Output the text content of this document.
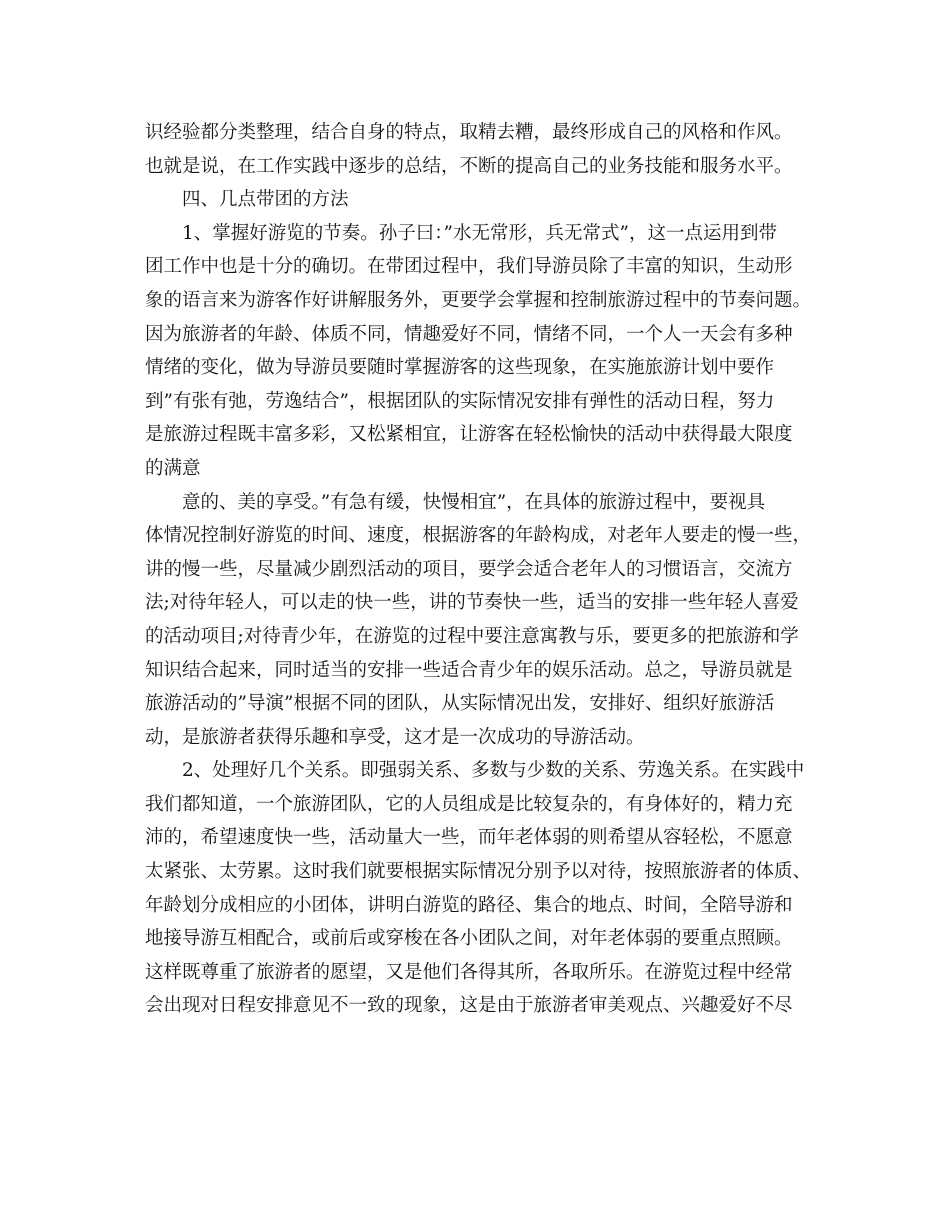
识经验都分类整理，结合自身的特点，取精去糟，最终形成自己的风格和作风。
也就是说，在工作实践中逐步的总结，不断的提高自己的业务技能和服务水平。
四、几点带团的方法
1、掌握好游览的节奏。孙子曰：”水无常形，兵无常式”，这一点运用到带
团工作中也是十分的确切。在带团过程中，我们导游员除了丰富的知识，生动形
象的语言来为游客作好讲解服务外，更要学会掌握和控制旅游过程中的节奏问题。
因为旅游者的年龄、体质不同，情趣爱好不同，情绪不同，一个人一天会有多种
情绪的变化，做为导游员要随时掌握游客的这些现象，在实施旅游计划中要作
到”有张有弛，劳逸结合”，根据团队的实际情况安排有弹性的活动日程，努力
是旅游过程既丰富多彩，又松紧相宜，让游客在轻松愉快的活动中获得最大限度
的满意
意的、美的享受。”有急有缓，快慢相宜”，在具体的旅游过程中，要视具
体情况控制好游览的时间、速度，根据游客的年龄构成，对老年人要走的慢一些，
讲的慢一些，尽量减少剧烈活动的项目，要学会适合老年人的习惯语言，交流方
法;对待年轻人，可以走的快一些，讲的节奏快一些，适当的安排一些年轻人喜爱
的活动项目;对待青少年，在游览的过程中要注意寓教与乐，要更多的把旅游和学
知识结合起来，同时适当的安排一些适合青少年的娱乐活动。总之，导游员就是
旅游活动的”导演”根据不同的团队，从实际情况出发，安排好、组织好旅游活
动，是旅游者获得乐趣和享受，这才是一次成功的导游活动。
2、处理好几个关系。即强弱关系、多数与少数的关系、劳逸关系。在实践中
我们都知道，一个旅游团队，它的人员组成是比较复杂的，有身体好的，精力充
沛的，希望速度快一些，活动量大一些，而年老体弱的则希望从容轻松，不愿意
太紧张、太劳累。这时我们就要根据实际情况分别予以对待，按照旅游者的体质、
年龄划分成相应的小团体，讲明白游览的路径、集合的地点、时间，全陪导游和
地接导游互相配合，或前后或穿梭在各小团队之间，对年老体弱的要重点照顾。
这样既尊重了旅游者的愿望，又是他们各得其所，各取所乐。在游览过程中经常
会出现对日程安排意见不一致的现象，这是由于旅游者审美观点、兴趣爱好不尽
